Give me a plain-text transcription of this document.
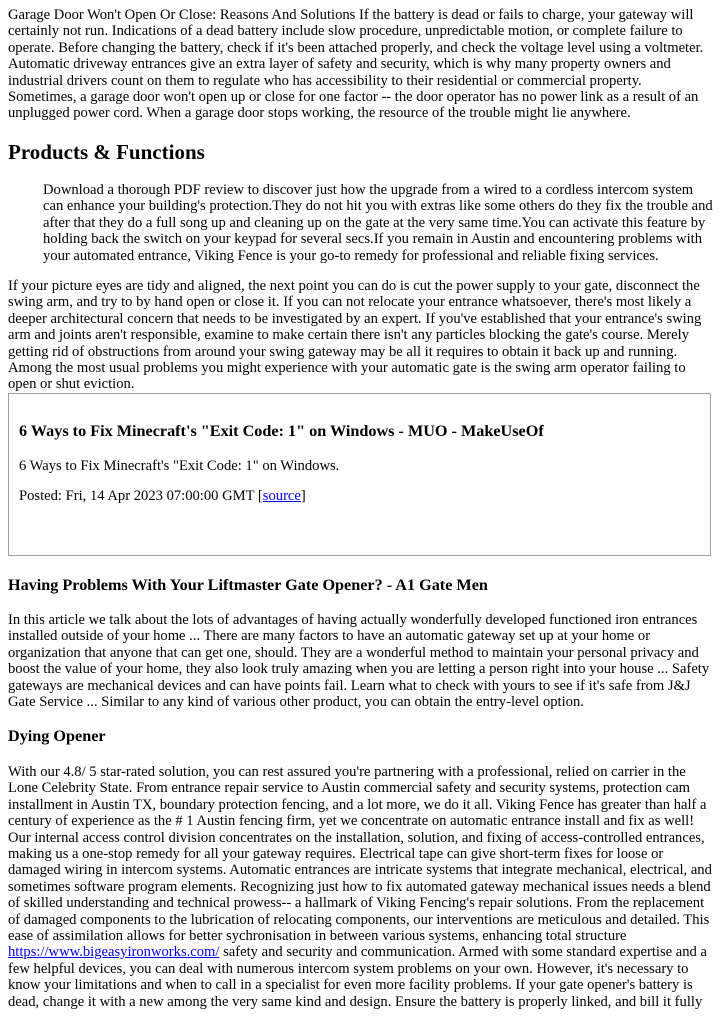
Garage Door Won't Open Or Close: Reasons And Solutions If the battery is dead or fails to charge, your gateway will certainly not run. Indications of a dead battery include slow procedure, unpredictable motion, or complete failure to operate. Before changing the battery, check if it's been attached properly, and check the voltage level using a voltmeter. Automatic driveway entrances give an extra layer of safety and security, which is why many property owners and industrial drivers count on them to regulate who has accessibility to their residential or commercial property. Sometimes, a garage door won't open up or close for one factor -- the door operator has no power link as a result of an unplugged power cord. When a garage door stops working, the resource of the trouble might lie anywhere.

Products & Functions

Download a thorough PDF review to discover just how the upgrade from a wired to a cordless intercom system can enhance your building's protection.They do not hit you with extras like some others do they fix the trouble and after that they do a full song up and cleaning up on the gate at the very same time.You can activate this feature by holding back the switch on your keypad for several secs.If you remain in Austin and encountering problems with your automated entrance, Viking Fence is your go-to remedy for professional and reliable fixing services.

If your picture eyes are tidy and aligned, the next point you can do is cut the power supply to your gate, disconnect the swing arm, and try to by hand open or close it. If you can not relocate your entrance whatsoever, there's most likely a deeper architectural concern that needs to be investigated by an expert. If you've established that your entrance's swing arm and joints aren't responsible, examine to make certain there isn't any particles blocking the gate's course. Merely getting rid of obstructions from around your swing gateway may be all it requires to obtain it back up and running. Among the most usual problems you might experience with your automatic gate is the swing arm operator failing to open or shut eviction.

6 Ways to Fix Minecraft's "Exit Code: 1" on Windows - MUO - MakeUseOf

6 Ways to Fix Minecraft's "Exit Code: 1" on Windows.

Posted: Fri, 14 Apr 2023 07:00:00 GMT [source]

Having Problems With Your Liftmaster Gate Opener? - A1 Gate Men

In this article we talk about the lots of advantages of having actually wonderfully developed functioned iron entrances installed outside of your home ... There are many factors to have an automatic gateway set up at your home or organization that anyone that can get one, should. They are a wonderful method to maintain your personal privacy and boost the value of your home, they also look truly amazing when you are letting a person right into your house ... Safety gateways are mechanical devices and can have points fail. Learn what to check with yours to see if it's safe from J&J Gate Service ... Similar to any kind of various other product, you can obtain the entry-level option.

Dying Opener

With our 4.8/ 5 star-rated solution, you can rest assured you're partnering with a professional, relied on carrier in the Lone Celebrity State. From entrance repair service to Austin commercial safety and security systems, protection cam installment in Austin TX, boundary protection fencing, and a lot more, we do it all. Viking Fence has greater than half a century of experience as the # 1 Austin fencing firm, yet we concentrate on automatic entrance install and fix as well! Our internal access control division concentrates on the installation, solution, and fixing of access-controlled entrances, making us a one-stop remedy for all your gateway requires. Electrical tape can give short-term fixes for loose or damaged wiring in intercom systems. Automatic entrances are intricate systems that integrate mechanical, electrical, and sometimes software program elements. Recognizing just how to fix automated gateway mechanical issues needs a blend of skilled understanding and technical prowess-- a hallmark of Viking Fencing's repair solutions. From the replacement of damaged components to the lubrication of relocating components, our interventions are meticulous and detailed. This ease of assimilation allows for better sychronisation in between various systems, enhancing total structure https://www.bigeasyironworks.com/ safety and security and communication. Armed with some standard expertise and a few helpful devices, you can deal with numerous intercom system problems on your own. However, it's necessary to know your limitations and when to call in a specialist for even more facility problems. If your gate opener's battery is dead, change it with a new among the very same kind and design. Ensure the battery is properly linked, and bill it fully
